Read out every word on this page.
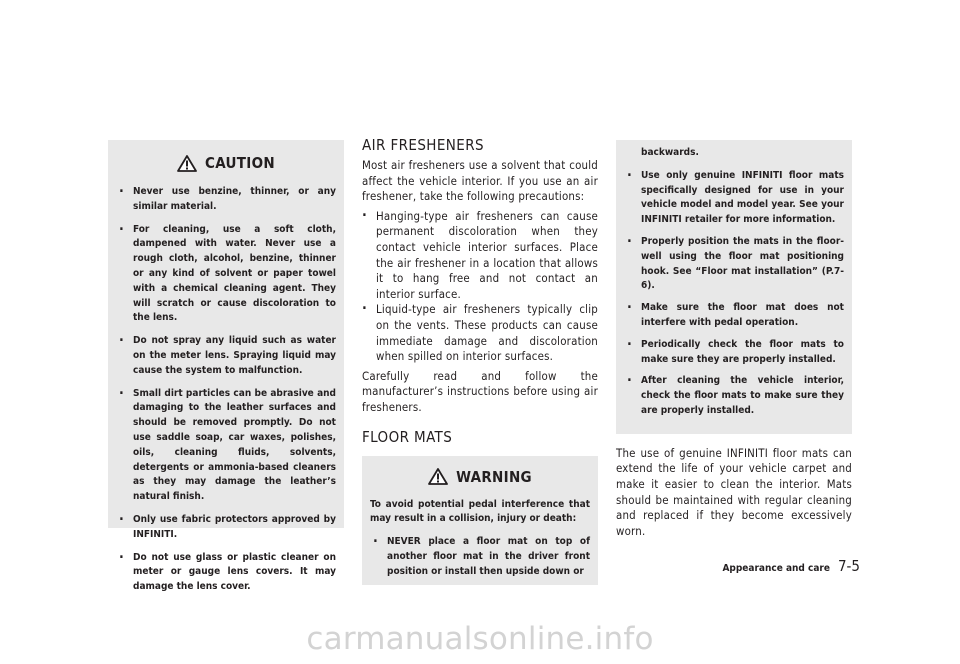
CAUTION
. Never use benzine, thinner, or any similar material.
. For cleaning, use a soft cloth, dampened with water. Never use a rough cloth, alcohol, benzine, thinner or any kind of solvent or paper towel with a chemical cleaning agent. They will scratch or cause discoloration to the lens.
. Do not spray any liquid such as water on the meter lens. Spraying liquid may cause the system to malfunction.
. Small dirt particles can be abrasive and damaging to the leather surfaces and should be removed promptly. Do not use saddle soap, car waxes, polishes, oils, cleaning fluids, solvents, detergents or ammonia-based cleaners as they may damage the leather’s natural finish.
. Only use fabric protectors approved by INFINITI.
. Do not use glass or plastic cleaner on meter or gauge lens covers. It may damage the lens cover.
AIR FRESHENERS

Most air fresheners use a solvent that could affect the vehicle interior. If you use an air freshener, take the following precautions:

. Hanging-type air fresheners can cause permanent discoloration when they contact vehicle interior surfaces. Place the air freshener in a location that allows it to hang free and not contact an interior surface.
. Liquid-type air fresheners typically clip on the vents. These products can cause immediate damage and discoloration when spilled on interior surfaces.

Carefully read and follow the manufacturer’s instructions before using air fresheners.

FLOOR MATS
WARNING

To avoid potential pedal interference that may result in a collision, injury or death:

. NEVER place a floor mat on top of another floor mat in the driver front position or install then upside down or
backwards.
. Use only genuine INFINITI floor mats specifically designed for use in your vehicle model and model year. See your INFINITI retailer for more information.
. Properly position the mats in the floor-well using the floor mat positioning hook. See “Floor mat installation” (P.7-6).
. Make sure the floor mat does not interfere with pedal operation.
. Periodically check the floor mats to make sure they are properly installed.
. After cleaning the vehicle interior, check the floor mats to make sure they are properly installed.

The use of genuine INFINITI floor mats can extend the life of your vehicle carpet and make it easier to clean the interior. Mats should be maintained with regular cleaning and replaced if they become excessively worn.

Appearance and care 7-5
carmanualsonline.info
